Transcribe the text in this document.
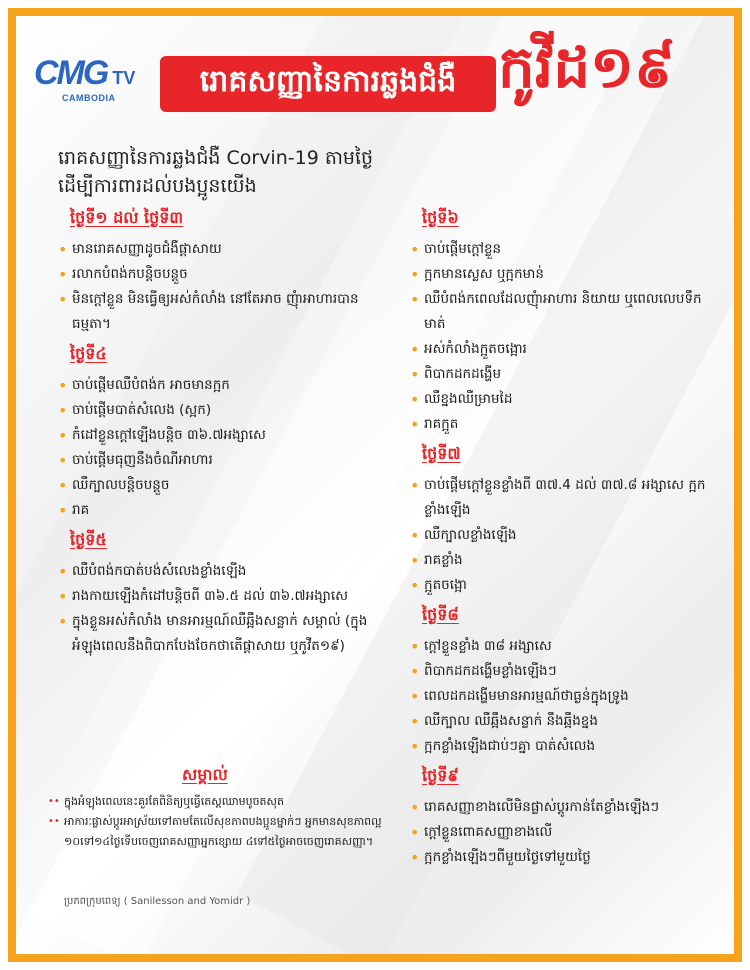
CMG TV
CAMBODIA	រោគសញ្ញានៃការឆ្លងជំងឺ កូវីដ១៩
រោគសញ្ញានៃការឆ្លងជំងឺ Corvin-19 តាមថ្ងៃ ដើម្បីការពារដល់បងប្អូនយើង
ថ្ងៃទី១ ដល់ ថ្ងៃទី៣
• មានរោគសញ្ញាដូចជំងឺផ្តាសាយ
• រលាកបំពង់កបន្តិចបន្តួច
• មិនក្តៅខ្លួន មិនធ្វើឲ្យអស់កំលាំង នៅតែអាច ញុំាអាហារបានធម្មតា។
ថ្ងៃទី៤
• ចាប់ផ្តើមឈឺបំពង់ក អាចមានក្អក
• ចាប់ផ្តើមបាត់សំលេង (ស្អក)
• កំដៅខ្លួនក្តៅឡើងបន្តិច ៣៦.៧អង្សាសេ
• ចាប់ផ្តើមធុញនឹងចំណីអាហារ
• ឈឺក្បាលបន្តិចបន្តួច
• រាគ
ថ្ងៃទី៥
• ឈឺបំពង់កបាត់បង់សំលេងខ្លាំងឡើង
• រាងកាយឡើងកំដៅបន្តិចពី ៣៦.៥ ដល់ ៣៦.៧អង្សាសេ
• ក្នុងខ្លួនអស់កំលាំង មានអារម្មណ៍ឈឺឆ្អឹងសន្លាក់ សម្គាល់ (ក្នុងអំឡុងពេលនឹងពិបាកបែងចែកថាតើផ្តាសាយ ឬកូវីត១៩)
ថ្ងៃទី៦
• ចាប់ផ្តើមក្តៅខ្លួន
• ក្អកមានស្លេស ឬក្អកមាន់
• ឈឺបំពង់កពេលដែលញុំាអាហារ និយាយ ឬពេលលេបទឹកមាត់
• អស់កំលាំងក្អួតចង្អោរ
• ពិបាកដកដង្ហើម
• ឈឺខ្នងឈឺម្រាមដៃ
• រាគក្អួត
ថ្ងៃទី៧
• ចាប់ផ្តើមក្តៅខ្លួនខ្លាំងពី ៣៧.4 ដល់ ៣៧.៨ អង្សាសេ ក្អកខ្លាំងឡើង
• ឈឺក្បាលខ្លាំងឡើង
• រាគខ្លាំង
• ក្អួតចង្អោ
ថ្ងៃទី៨
• ក្តៅខ្លួនខ្លាំង ៣៨ អង្សាសេ
• ពិបាកដកដង្ហើមខ្លាំងឡើងៗ
• ពេលដកដង្ហើមមានអារម្មណ៍ថាធ្ងន់ក្នុងទ្រូង
• ឈឺក្បាល ឈឺឆ្អឹងសន្លាក់ នឹងឆ្អឹងខ្នង
• ក្អកខ្លាំងឡើងជាប់ៗគ្នា បាត់សំលេង
ថ្ងៃទី៩
• រោគសញ្ញាខាងលើមិនផ្លាស់ប្តូរកាន់តែខ្លាំងឡើងៗ
• ក្តៅខ្លួនពោគសញ្ញាខាងលើ
• ក្អកខ្លាំងឡើងៗពីមួយថ្ងៃទៅមួយថ្ងៃ
សម្គាល់
•• ក្នុងអំឡុងពេលនេះគួរតែពិនិត្យឬធ្វើតេស្តឈាមបូចតសុត
•• អាការៈផ្លាស់ប្តូរអាស្រ័យទៅតាមតែលើសុខភាពបងប្អូនម្នាក់ៗ អ្នកមានសុខភាពល្អ ១០ទៅ១៤ថ្ងៃទើបចេញរោគសញ្ញាអ្នកខ្សោយ ៤ទៅ៥ថ្ងៃអាចចេញរោគសញ្ញា។
ប្រភពក្រុមពេទ្យ ( Sanilesson and Yomidr )
